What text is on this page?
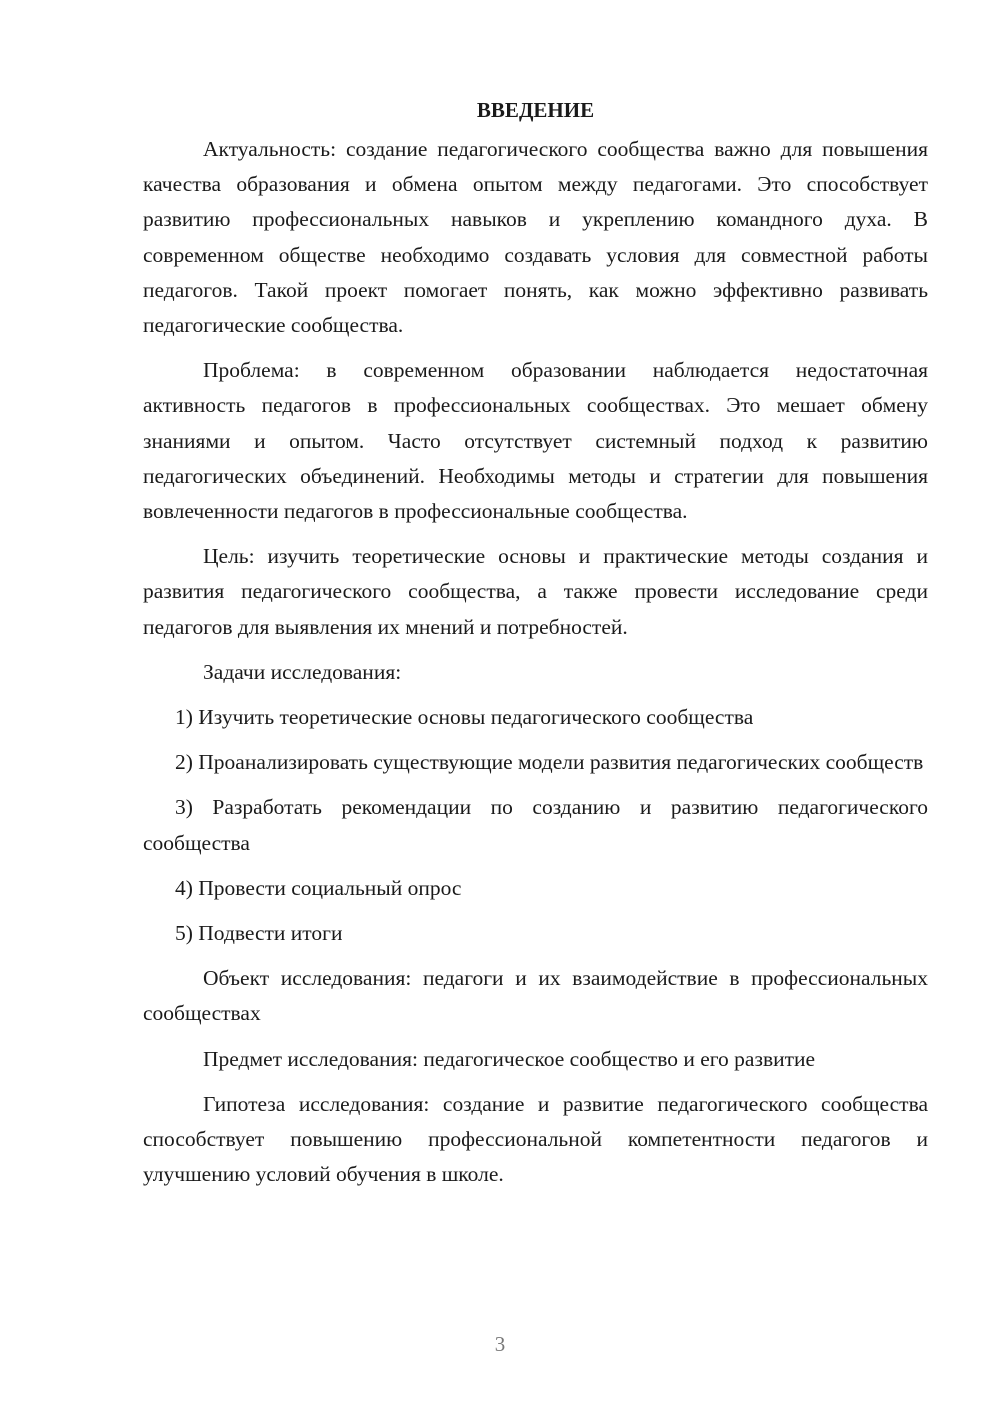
ВВЕДЕНИЕ

Актуальность: создание педагогического сообщества важно для повышения качества образования и обмена опытом между педагогами. Это способствует развитию профессиональных навыков и укреплению командного духа. В современном обществе необходимо создавать условия для совместной работы педагогов. Такой проект помогает понять, как можно эффективно развивать педагогические сообщества.

Проблема: в современном образовании наблюдается недостаточная активность педагогов в профессиональных сообществах. Это мешает обмену знаниями и опытом. Часто отсутствует системный подход к развитию педагогических объединений. Необходимы методы и стратегии для повышения вовлеченности педагогов в профессиональные сообщества.

Цель: изучить теоретические основы и практические методы создания и развития педагогического сообщества, а также провести исследование среди педагогов для выявления их мнений и потребностей.

Задачи исследования:

1) Изучить теоретические основы педагогического сообщества

2) Проанализировать существующие модели развития педагогических сообществ

3) Разработать рекомендации по созданию и развитию педагогического сообщества

4) Провести социальный опрос

5) Подвести итоги

Объект исследования: педагоги и их взаимодействие в профессиональных сообществах

Предмет исследования: педагогическое сообщество и его развитие

Гипотеза исследования: создание и развитие педагогического сообщества способствует повышению профессиональной компетентности педагогов и улучшению условий обучения в школе.

3
